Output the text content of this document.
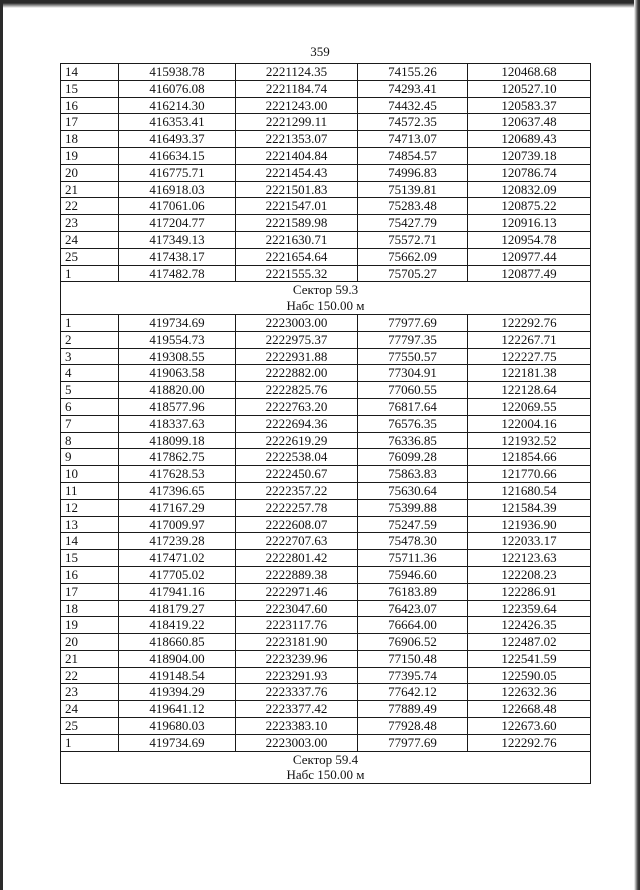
359
14	415938.78	2221124.35	74155.26	120468.68
15	416076.08	2221184.74	74293.41	120527.10
16	416214.30	2221243.00	74432.45	120583.37
17	416353.41	2221299.11	74572.35	120637.48
18	416493.37	2221353.07	74713.07	120689.43
19	416634.15	2221404.84	74854.57	120739.18
20	416775.71	2221454.43	74996.83	120786.74
21	416918.03	2221501.83	75139.81	120832.09
22	417061.06	2221547.01	75283.48	120875.22
23	417204.77	2221589.98	75427.79	120916.13
24	417349.13	2221630.71	75572.71	120954.78
25	417438.17	2221654.64	75662.09	120977.44
1	417482.78	2221555.32	75705.27	120877.49

Сектор 59.3
Набс 150.00 м				

1	419734.69	2223003.00	77977.69	122292.76
2	419554.73	2222975.37	77797.35	122267.71
3	419308.55	2222931.88	77550.57	122227.75
4	419063.58	2222882.00	77304.91	122181.38
5	418820.00	2222825.76	77060.55	122128.64
6	418577.96	2222763.20	76817.64	122069.55
7	418337.63	2222694.36	76576.35	122004.16
8	418099.18	2222619.29	76336.85	121932.52
9	417862.75	2222538.04	76099.28	121854.66
10	417628.53	2222450.67	75863.83	121770.66
11	417396.65	2222357.22	75630.64	121680.54
12	417167.29	2222257.78	75399.88	121584.39
13	417009.97	2222608.07	75247.59	121936.90
14	417239.28	2222707.63	75478.30	122033.17
15	417471.02	2222801.42	75711.36	122123.63
16	417705.02	2222889.38	75946.60	122208.23
17	417941.16	2222971.46	76183.89	122286.91
18	418179.27	2223047.60	76423.07	122359.64
19	418419.22	2223117.76	76664.00	122426.35
20	418660.85	2223181.90	76906.52	122487.02
21	418904.00	2223239.96	77150.48	122541.59
22	419148.54	2223291.93	77395.74	122590.05
23	419394.29	2223337.76	77642.12	122632.36
24	419641.12	2223377.42	77889.49	122668.48
25	419680.03	2223383.10	77928.48	122673.60
1	419734.69	2223003.00	77977.69	122292.76

Сектор 59.4
Набс 150.00 м				
